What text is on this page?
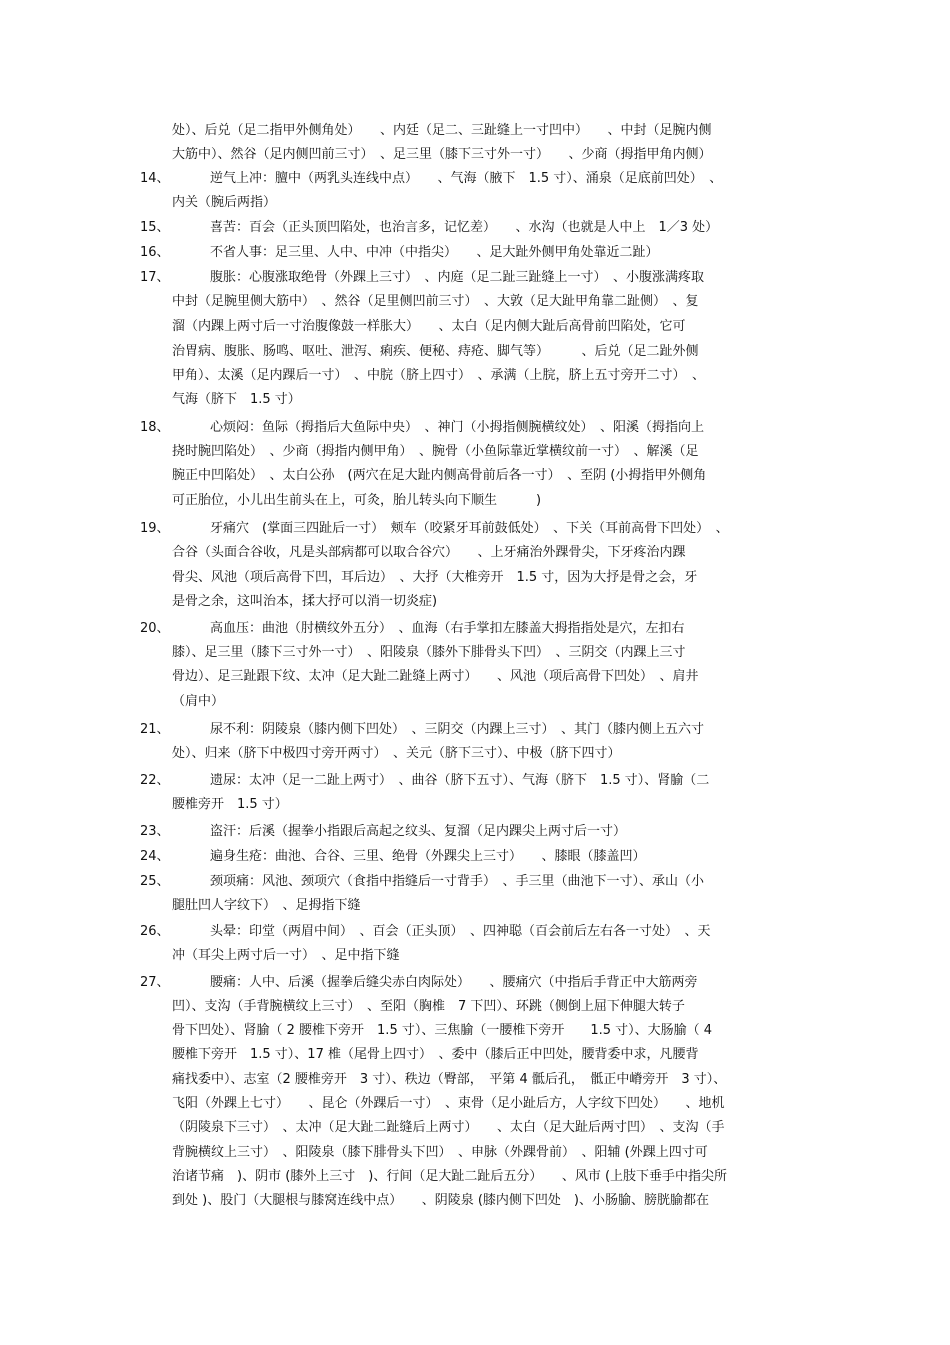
处）、后兑（足二指甲外侧角处）　　、内廷（足二、三趾缝上一寸凹中）　　、中封（足腕内侧
大筋中）、然谷（足内侧凹前三寸）　、足三里（膝下三寸外一寸）　　、少商（拇指甲角内侧）
14、	逆气上冲：膻中（两乳头连线中点）　　、气海（腋下　1.5 寸）、涌泉（足底前凹处）　、
内关（腕后两指）
15、	喜苦：百会（正头顶凹陷处，也治言多，记忆差）　　、水沟（也就是人中上　1／3 处）
16、	不省人事：足三里、人中、中冲（中指尖）　　、足大趾外侧甲角处靠近二趾）
17、	腹胀：心腹涨取绝骨（外踝上三寸）　、内庭（足二趾三趾缝上一寸）　、小腹涨满疼取
中封（足腕里侧大筋中）　、然谷（足里侧凹前三寸）　、大敦（足大趾甲角靠二趾侧）　、复
溜（内踝上两寸后一寸治腹像鼓一样胀大）　　、太白（足内侧大趾后高骨前凹陷处，它可
治胃病、腹胀、肠鸣、呕吐、泄泻、痢疾、便秘、痔疮、脚气等）　　　、后兑（足二趾外侧
甲角）、太溪（足内踝后一寸）　、中脘（脐上四寸）　、承满（上脘，脐上五寸旁开二寸）　、
气海（脐下　1.5 寸）
18、	心烦闷：鱼际（拇指后大鱼际中央）　、神门（小拇指侧腕横纹处）　、阳溪（拇指向上
挠时腕凹陷处）　、少商（拇指内侧甲角）　、腕骨（小鱼际靠近掌横纹前一寸）　、解溪（足
腕正中凹陷处）　、太白公孙　(两穴在足大趾内侧高骨前后各一寸）　、至阴 (小拇指甲外侧角
可正胎位，小儿出生前头在上，可灸，胎儿转头向下顺生　　　)
19、	牙痛穴　(掌面三四趾后一寸）　颊车（咬紧牙耳前鼓低处）　、下关（耳前高骨下凹处）　、
合谷（头面合谷收，凡是头部病都可以取合谷穴）　　、上牙痛治外踝骨尖，下牙疼治内踝
骨尖、风池（项后高骨下凹，耳后边）　、大抒（大椎旁开　1.5 寸，因为大抒是骨之会，牙
是骨之余，这叫治本，揉大抒可以消一切炎症)
20、	高血压：曲池（肘横纹外五分）　、血海（右手掌扣左膝盖大拇指指处是穴，左扣右
膝）、足三里（膝下三寸外一寸）　、阳陵泉（膝外下腓骨头下凹）　、三阴交（内踝上三寸
骨边）、足三趾跟下纹、太冲（足大趾二趾缝上两寸）　　、风池（项后高骨下凹处）　、肩井
（肩中）
21、	尿不利：阴陵泉（膝内侧下凹处）　、三阴交（内踝上三寸）　、其门（膝内侧上五六寸
处）、归来（脐下中极四寸旁开两寸）　、关元（脐下三寸）、中极（脐下四寸）
22、	遗尿：太冲（足一二趾上两寸）　、曲谷（脐下五寸）、气海（脐下　1.5 寸）、肾腧（二
腰椎旁开　1.5 寸）
23、	盗汗：后溪（握拳小指跟后高起之纹头、复溜（足内踝尖上两寸后一寸）
24、	遍身生疮：曲池、合谷、三里、绝骨（外踝尖上三寸）　　、膝眼（膝盖凹）
25、	颈项痛：风池、颈项穴（食指中指缝后一寸背手）　、手三里（曲池下一寸）、承山（小
腿肚凹人字纹下）　、足拇指下缝
26、	头晕：印堂（两眉中间）　、百会（正头顶）　、四神聪（百会前后左右各一寸处）　、天
冲（耳尖上两寸后一寸）　、足中指下缝
27、	腰痛：人中、后溪（握拳后缝尖赤白肉际处）　　、腰痛穴（中指后手背正中大筋两旁
凹）、支沟（手背腕横纹上三寸）　、至阳（胸椎　7 下凹）、环跳（侧倒上屈下伸腿大转子
骨下凹处）、肾腧（ 2 腰椎下旁开　1.5 寸）、三焦腧（一腰椎下旁开　　1.5 寸）、大肠腧（ 4
腰椎下旁开　1.5 寸）、17 椎（尾骨上四寸）　、委中（膝后正中凹处，腰背委中求，凡腰背
痛找委中）、志室（2 腰椎旁开　3 寸）、秩边（臀部，　平第 4 骶后孔，　骶正中嵴旁开　3 寸）、
飞阳（外踝上七寸）　　、昆仑（外踝后一寸）　、束骨（足小趾后方，人字纹下凹处）　　、地机
（阴陵泉下三寸）　、太冲（足大趾二趾缝后上两寸）　　、太白（足大趾后两寸凹）　、支沟（手
背腕横纹上三寸）　、阳陵泉（膝下腓骨头下凹）　、申脉（外踝骨前）　、阳辅 (外踝上四寸可
治诸节痛　)、阴市 (膝外上三寸　)、行间（足大趾二趾后五分）　　、风市 (上肢下垂手中指尖所
到处 )、股门（大腿根与膝窝连线中点）　　、阴陵泉 (膝内侧下凹处　)、小肠腧、膀胱腧都在
